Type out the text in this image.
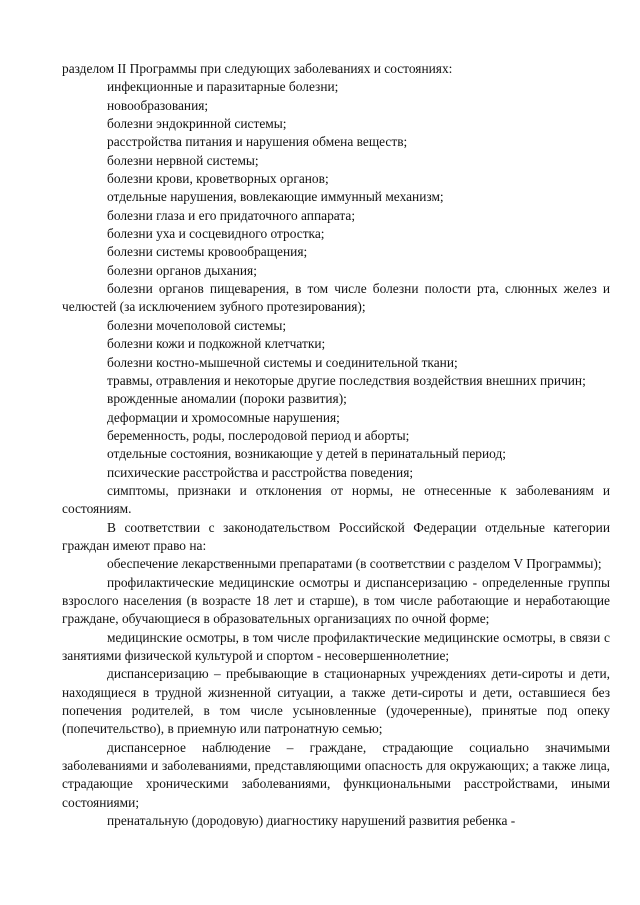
разделом II Программы при следующих заболеваниях и состояниях:

инфекционные и паразитарные болезни;

новообразования;

болезни эндокринной системы;

расстройства питания и нарушения обмена веществ;

болезни нервной системы;

болезни крови, кроветворных органов;

отдельные нарушения, вовлекающие иммунный механизм;

болезни глаза и его придаточного аппарата;

болезни уха и сосцевидного отростка;

болезни системы кровообращения;

болезни органов дыхания;

болезни органов пищеварения, в том числе болезни полости рта, слюнных желез и челюстей (за исключением зубного протезирования);

болезни мочеполовой системы;

болезни кожи и подкожной клетчатки;

болезни костно-мышечной системы и соединительной ткани;

травмы, отравления и некоторые другие последствия воздействия внешних причин;

врожденные аномалии (пороки развития);

деформации и хромосомные нарушения;

беременность, роды, послеродовой период и аборты;

отдельные состояния, возникающие у детей в перинатальный период;

психические расстройства и расстройства поведения;

симптомы, признаки и отклонения от нормы, не отнесенные к заболеваниям и состояниям.

В соответствии с законодательством Российской Федерации отдельные категории граждан имеют право на:

обеспечение лекарственными препаратами (в соответствии с разделом V Программы);

профилактические медицинские осмотры и диспансеризацию - определенные группы взрослого населения (в возрасте 18 лет и старше), в том числе работающие и неработающие граждане, обучающиеся в образовательных организациях по очной форме;

медицинские осмотры, в том числе профилактические медицинские осмотры, в связи с занятиями физической культурой и спортом - несовершеннолетние;

диспансеризацию – пребывающие в стационарных учреждениях дети-сироты и дети, находящиеся в трудной жизненной ситуации, а также дети-сироты и дети, оставшиеся без попечения родителей, в том числе усыновленные (удочеренные), принятые под опеку (попечительство), в приемную или патронатную семью;

диспансерное наблюдение – граждане, страдающие социально значимыми заболеваниями и заболеваниями, представляющими опасность для окружающих; а также лица, страдающие хроническими заболеваниями, функциональными расстройствами, иными состояниями;

пренатальную (дородовую) диагностику нарушений развития ребенка -
